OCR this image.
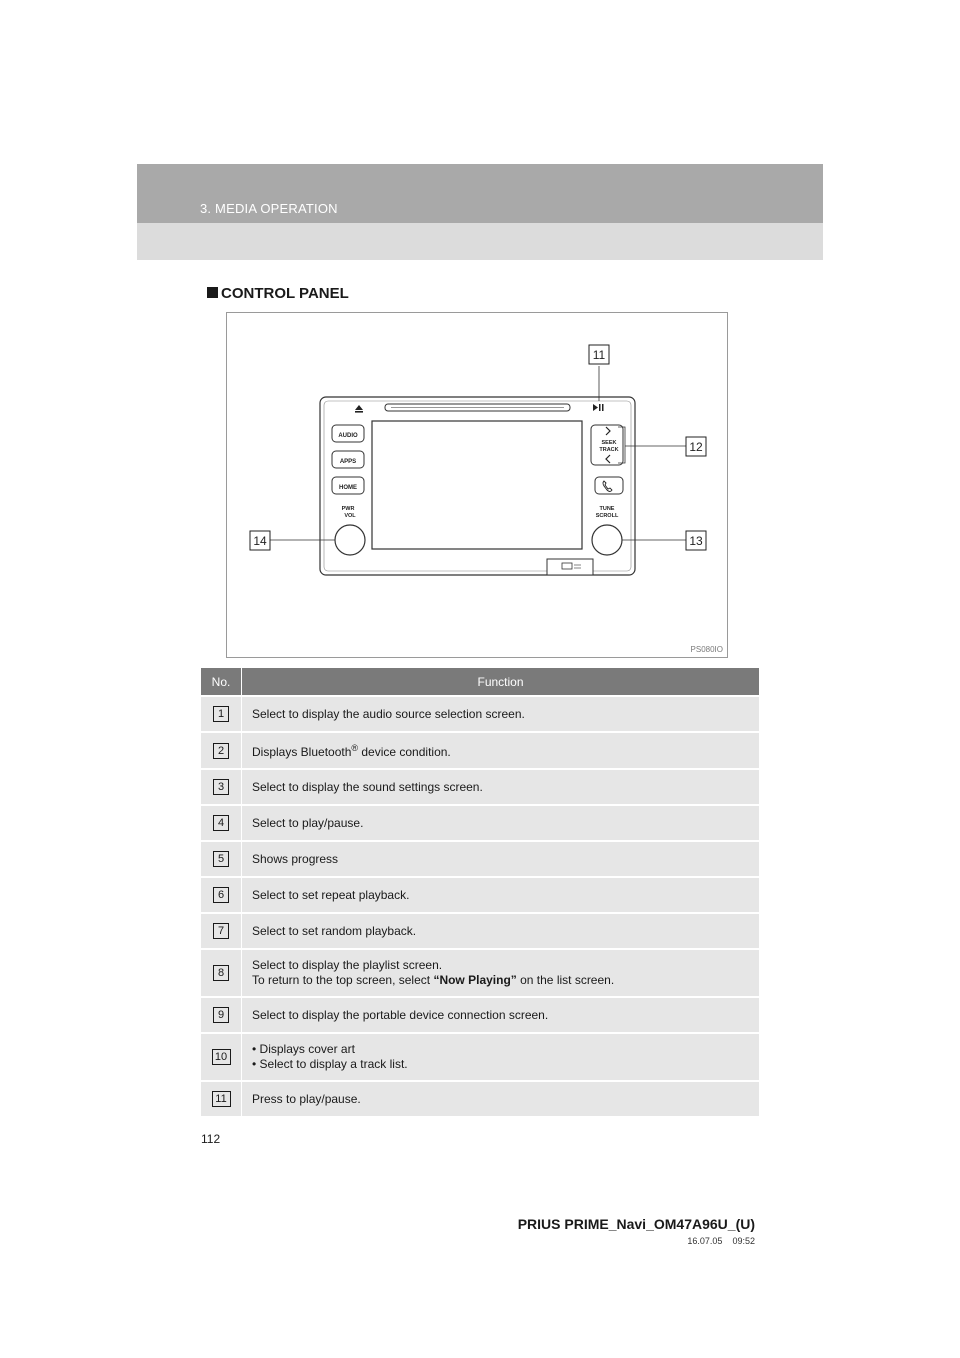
3. MEDIA OPERATION
CONTROL PANEL
AUDIO
APPS
HOME
PWR
VOL
SEEK
TRACK
TUNE
SCROLL
11
12
13
14
PS080IO
No.	Function
1	Select to display the audio source selection screen.
2	Displays Bluetooth® device condition.
3	Select to display the sound settings screen.
4	Select to play/pause.
5	Shows progress
6	Select to set repeat playback.
7	Select to set random playback.
8	Select to display the playlist screen.
To return to the top screen, select “Now Playing” on the list screen.

9	Select to display the portable device connection screen.
10	• Displays cover art
• Select to display a track list.

11	Press to play/pause.
112
PRIUS PRIME_Navi_OM47A96U_(U)
16.07.05 09:52
